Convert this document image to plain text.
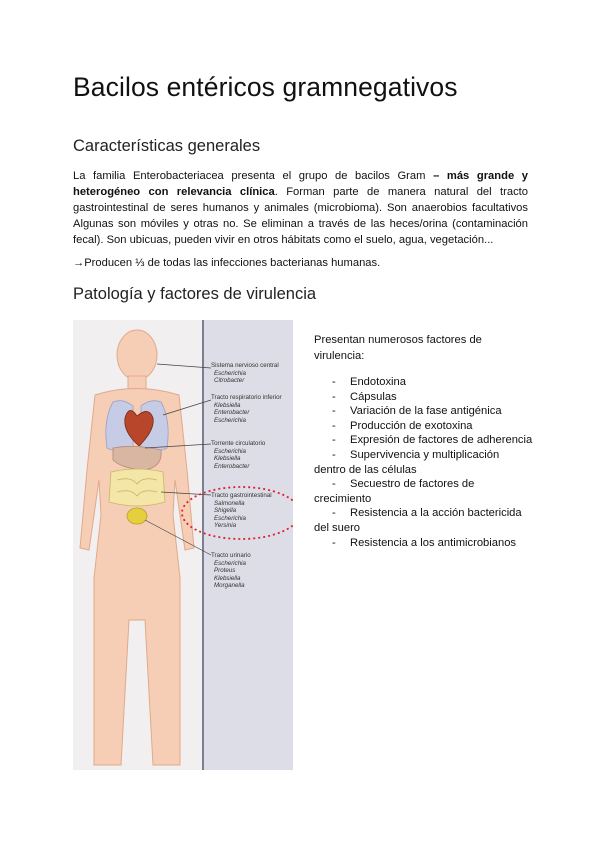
Bacilos entéricos gramnegativos
Características generales

La familia Enterobacteriacea presenta el grupo de bacilos Gram – más grande y heterogéneo con relevancia clínica. Forman parte de manera natural del tracto gastrointestinal de seres humanos y animales (microbioma). Son anaerobios facultativos Algunas son móviles y otras no. Se eliminan a través de las heces/orina (contaminación fecal). Son ubicuas, pueden vivir en otros hábitats como el suelo, agua, vegetación...

→Producen ⅓ de todas las infecciones bacterianas humanas.

Patología y factores de virulencia
Sistema nervioso central
Escherichia
Citrobacter
Tracto respiratorio inferior
Klebsiella
Enterobacter
Escherichia
Torrente circulatorio
Escherichia
Klebsiella
Enterobacter
Tracto gastrointestinal
Salmonella
Shigella
Escherichia
Yersinia
Tracto urinario
Escherichia
Proteus
Klebsiella
Morganella

Presentan numerosos factores de virulencia:

- Endotoxina
- Cápsulas
- Variación de la fase antigénica
- Producción de exotoxina
- Expresión de factores de adherencia
- Supervivencia y multiplicación dentro de las células
- Secuestro de factores de crecimiento
- Resistencia a la acción bactericida del suero
- Resistencia a los antimicrobianos
